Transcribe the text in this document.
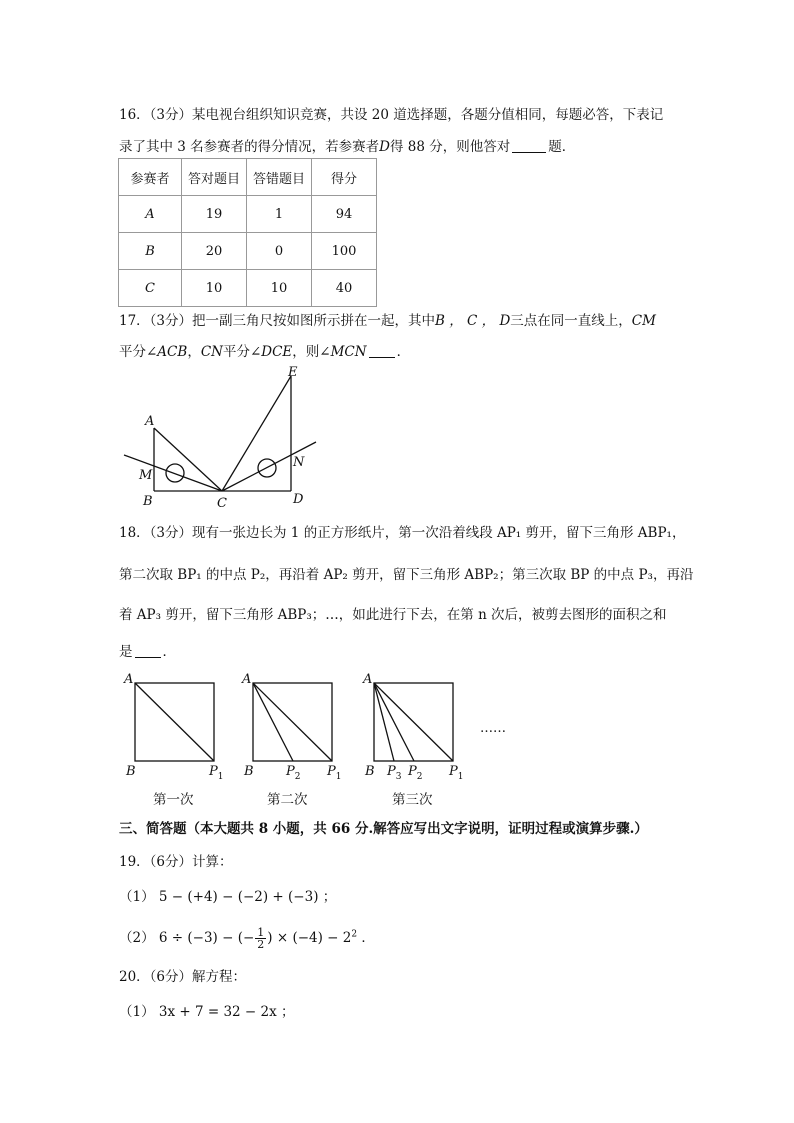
16．（3分）某电视台组织知识竞赛，共设 20 道选择题，各题分值相同，每题必答，下表记
录了其中 3 名参赛者的得分情况，若参赛者D得 88 分，则他答对	题．
参赛者	答对题目	答错题目	得分
A	19	1	94
B	20	0	100
C	10	10	40
17．（3分）把一副三角尺按如图所示拼在一起，其中B ， C ， D三点在同一直线上，CM
平分∠ACB，CN平分∠DCE，则∠MCN ．
A
B	C	D
E
M
N
18．（3分）现有一张边长为 1 的正方形纸片，第一次沿着线段 AP₁ 剪开，留下三角形 ABP₁，
第二次取 BP₁ 的中点 P₂，再沿着 AP₂ 剪开，留下三角形 ABP₂；第三次取 BP 的中点 P₃，再沿
着 AP₃ 剪开，留下三角形 ABP₃；…，如此进行下去，在第 n 次后，被剪去图形的面积之和
是 ．
A
B	$P_1$
A
B $P_2$ $P_1$
A
B $P_3$ $P_2$ $P_1$
……
第一次	第二次	第三次
三、简答题（本大题共 8 小题，共 66 分.解答应写出文字说明，证明过程或演算步骤.）
19．（6分）计算：
（1） 5 − (+4) − (−2) + (−3) ；
（2） 6 ÷ (−3) − (− $\frac{1}{2}$ ) × $(-4) - 2^2$ ．
20．（6分）解方程：
（1） 3x + 7 = 32 − 2x ；
